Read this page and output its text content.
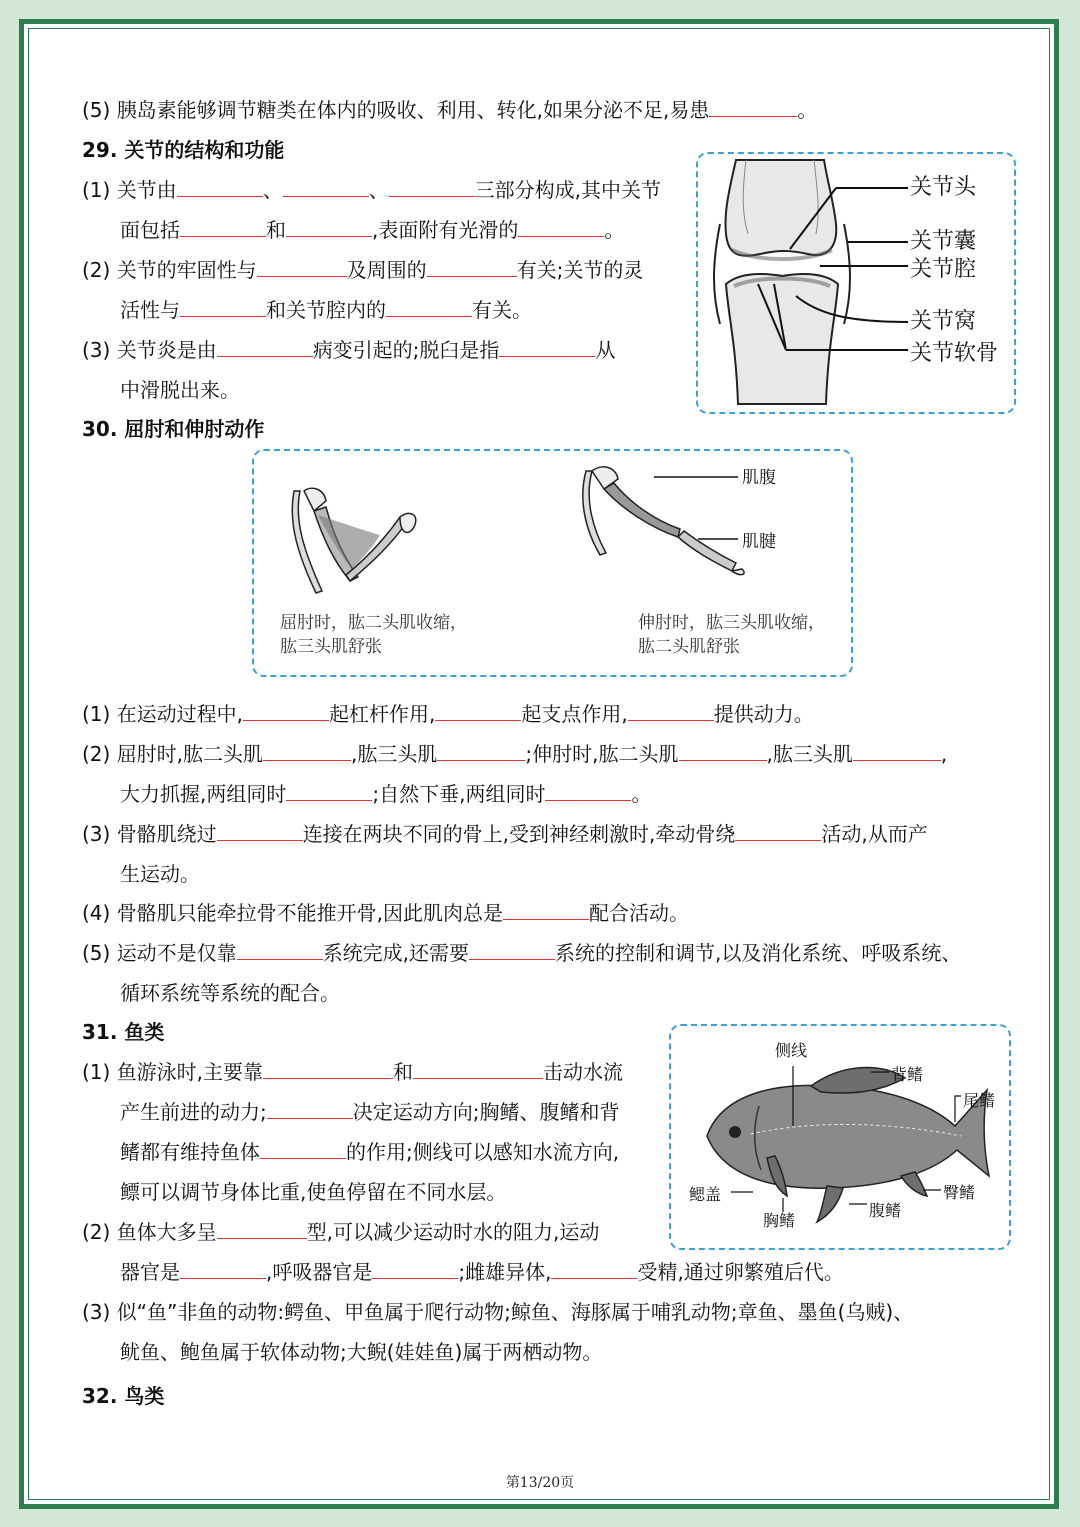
(5) 胰岛素能够调节糖类在体内的吸收、利用、转化,如果分泌不足,易患	。
29. 关节的结构和功能
(1) 关节由	、	、	三部分构成,其中关节
面包括	和	,表面附有光滑的	。
(2) 关节的牢固性与	及周围的	有关;关节的灵
活性与	和关节腔内的	有关。
(3) 关节炎是由	病变引起的;脱臼是指	从
中滑脱出来。
30. 屈肘和伸肘动作
(1) 在运动过程中,	起杠杆作用,	起支点作用,	提供动力。
(2) 屈肘时,肱二头肌	,肱三头肌	;伸肘时,肱二头肌	,肱三头肌	,
大力抓握,两组同时	;自然下垂,两组同时	。
(3) 骨骼肌绕过	连接在两块不同的骨上,受到神经刺激时,牵动骨绕	活动,从而产
生运动。
(4) 骨骼肌只能牵拉骨不能推开骨,因此肌肉总是	配合活动。
(5) 运动不是仅靠	系统完成,还需要	系统的控制和调节,以及消化系统、呼吸系统、
循环系统等系统的配合。
31. 鱼类
(1) 鱼游泳时,主要靠	和	击动水流
产生前进的动力;	决定运动方向;胸鳍、腹鳍和背
鳍都有维持鱼体	的作用;侧线可以感知水流方向,
鳔可以调节身体比重,使鱼停留在不同水层。
(2) 鱼体大多呈	型,可以减少运动时水的阻力,运动
器官是	,呼吸器官是	;雌雄异体,	受精,通过卵繁殖后代。
(3) 似“鱼”非鱼的动物:鳄鱼、甲鱼属于爬行动物;鲸鱼、海豚属于哺乳动物;章鱼、墨鱼(乌贼)、
鱿鱼、鲍鱼属于软体动物;大鲵(娃娃鱼)属于两栖动物。
32. 鸟类
关节头
关节囊
关节腔
关节窝
关节软骨
肌腹
肌腱
屈肘时，肱二头肌收缩，
肱三头肌舒张
伸肘时，肱三头肌收缩，
肱二头肌舒张
侧线
背鳍
尾鳍
臀鳍
腹鳍
胸鳍
鳃盖
第13/20页
